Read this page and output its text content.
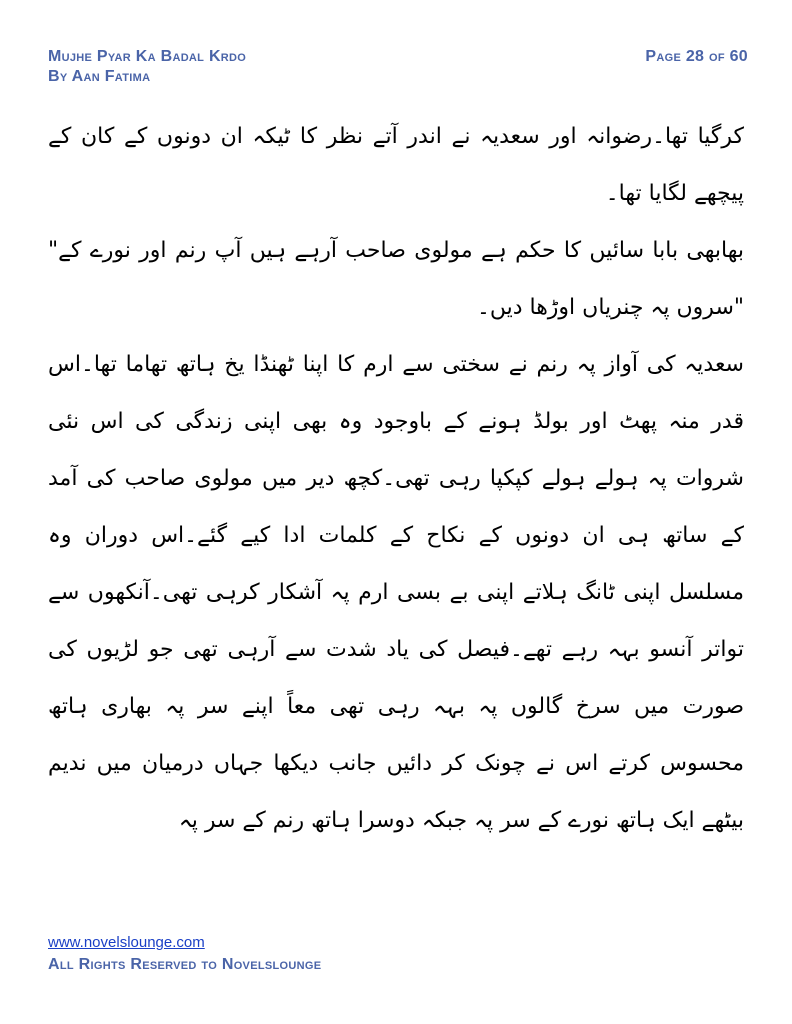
Mujhe Pyar Ka Badal Krdo
By Aan Fatima
Page 28 of 60

کرگیا تھا۔رضوانہ اور سعدیہ نے اندر آتے نظر کا ٹیکہ ان دونوں کے کان کے پیچھے لگایا تھا۔

بھابھی بابا سائیں کا حکم ہے مولوی صاحب آرہے ہیں آپ رنم اور نورے کے" "سروں پہ چنریاں اوڑھا دیں۔

سعدیہ کی آواز پہ رنم نے سختی سے ارم کا اپنا ٹھنڈا یخ ہاتھ تھاما تھا۔اس قدر منہ پھٹ اور بولڈ ہونے کے باوجود وہ بھی اپنی زندگی کی اس نئی شروات پہ ہولے ہولے کپکپا رہی تھی۔کچھ دیر میں مولوی صاحب کی آمد کے ساتھ ہی ان دونوں کے نکاح کے کلمات ادا کیے گئے۔اس دوران وہ مسلسل اپنی ٹانگ ہلاتے اپنی بے بسی ارم پہ آشکار کرہی تھی۔آنکھوں سے تواتر آنسو بہہ رہے تھے۔فیصل کی یاد شدت سے آرہی تھی جو لڑیوں کی صورت میں سرخ گالوں پہ بہہ رہی تھی معاً اپنے سر پہ بھاری ہاتھ محسوس کرتے اس نے چونک کر دائیں جانب دیکھا جہاں درمیان میں ندیم بیٹھے ایک ہاتھ نورے کے سر پہ جبکہ دوسرا ہاتھ رنم کے سر پہ

www.novelslounge.com
All Rights Reserved to Novelslounge
